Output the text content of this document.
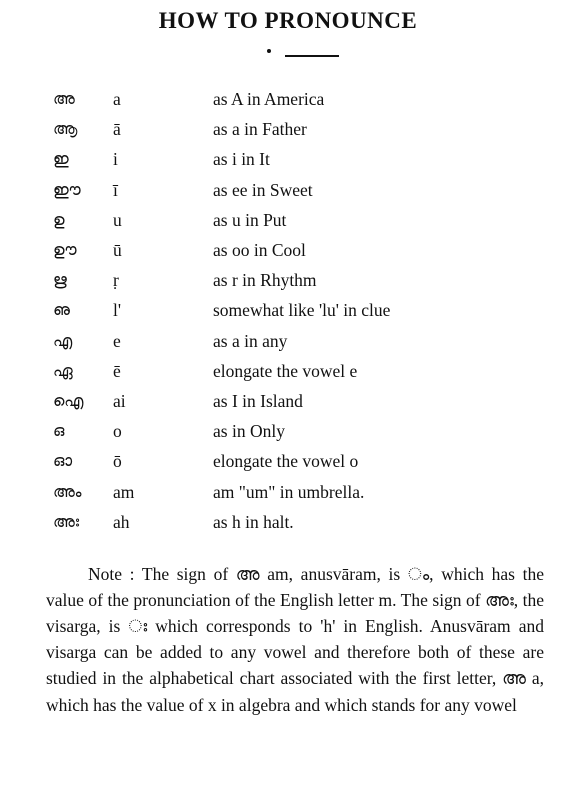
HOW TO PRONOUNCE
അ a	as A in America
ആ ā	as a in Father
ഇ	i	as i in It
ഈ ī	as ee in Sweet
ഉ	u	as u in Put
ഊ ū	as oo in Cool
ഋ	ṛ	as r in Rhythm
ഌ l'	somewhat like 'lu' in clue
എ e	as a in any
ഏ ē	elongate the vowel e
ഐ ai	as I in Island
ഒ	o	as in Only
ഓ ō	elongate the vowel o
അം am	am "um" in umbrella.
അഃ ah	as h in halt.

Note : The sign of അ am, anusvāram, is ം, which has the value of the pronunciation of the English letter m. The sign of അഃ, the visarga, is ഃ which corresponds to 'h' in English. Anusvāram and visarga can be added to any vowel and therefore both of these are studied in the alphabetical chart associated with the first letter, അ a, which has the value of x in algebra and which stands for any vowel
